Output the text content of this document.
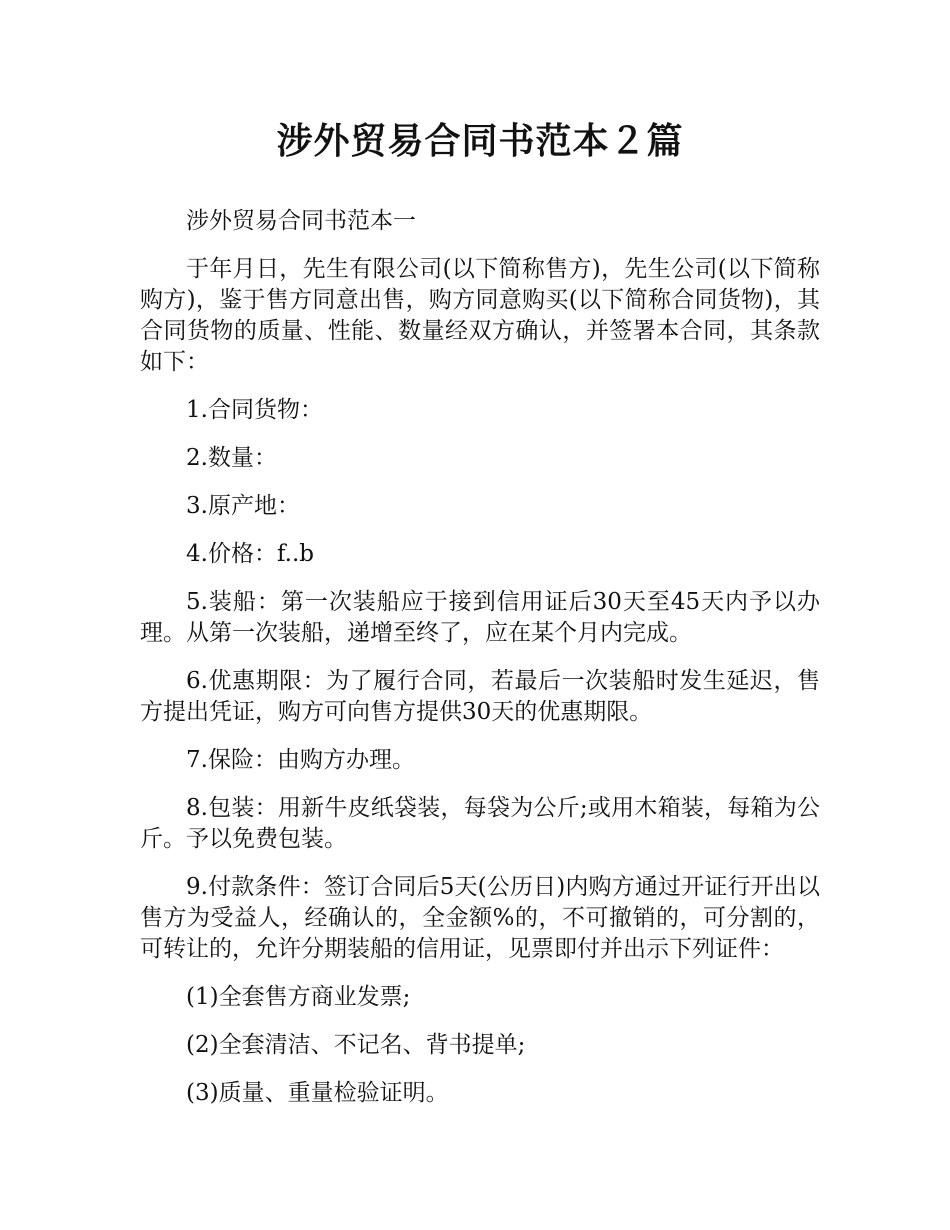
涉外贸易合同书范本２篇

涉外贸易合同书范本一

于年月日，先生有限公司(以下简称售方)，先生公司(以下简称购方)，鉴于售方同意出售，购方同意购买(以下简称合同货物)，其合同货物的质量、性能、数量经双方确认，并签署本合同，其条款如下：

1.合同货物：

2.数量：

3.原产地：

4.价格：f..b

5.装船：第一次装船应于接到信用证后30天至45天内予以办理。从第一次装船，递增至终了，应在某个月内完成。

6.优惠期限：为了履行合同，若最后一次装船时发生延迟，售方提出凭证，购方可向售方提供30天的优惠期限。

7.保险：由购方办理。

8.包装：用新牛皮纸袋装，每袋为公斤;或用木箱装，每箱为公斤。予以免费包装。

9.付款条件：签订合同后5天(公历日)内购方通过开证行开出以售方为受益人，经确认的，全金额%的，不可撤销的，可分割的，可转让的，允许分期装船的信用证，见票即付并出示下列证件：

(1)全套售方商业发票;

(2)全套清洁、不记名、背书提单;

(3)质量、重量检验证明。
